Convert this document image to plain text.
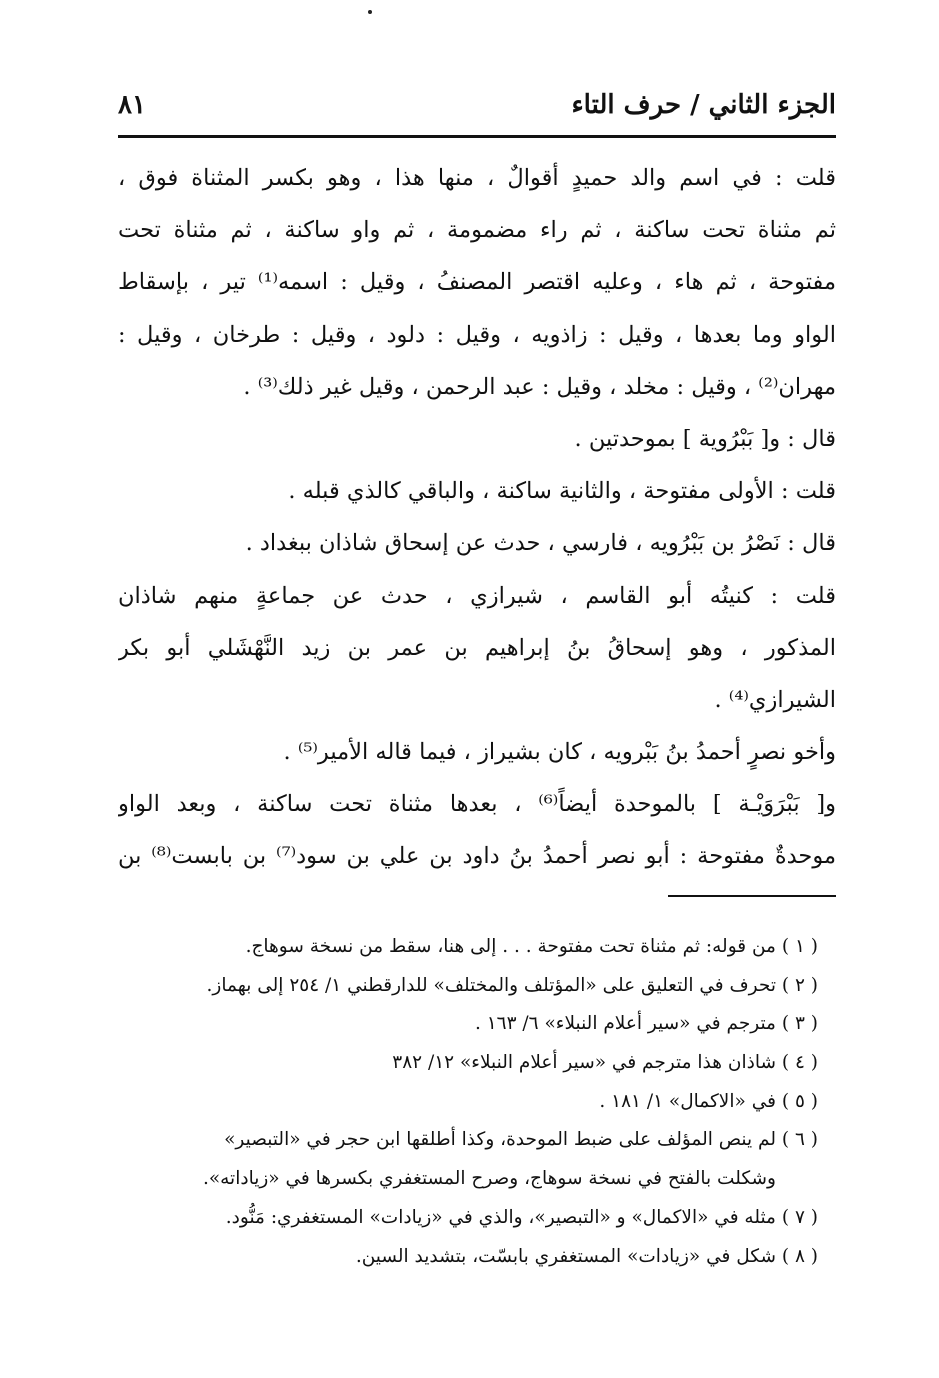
الجزء الثاني / حرف التاء
٨١

قلت : في اسم والد حميدٍ أقوالٌ ، منها هذا ، وهو بكسر المثناة فوق ،

ثم مثناة تحت ساكنة ، ثم راء مضمومة ، ثم واو ساكنة ، ثم مثناة تحت

مفتوحة ، ثم هاء ، وعليه اقتصر المصنفُ ، وقيل : اسمه⁽¹⁾ تير ، بإسقاط

الواو وما بعدها ، وقيل : زاذويه ، وقيل : دلود ، وقيل : طرخان ، وقيل :

مهران⁽²⁾ ، وقيل : مخلد ، وقيل : عبد الرحمن ، وقيل غير ذلك⁽³⁾ .

قال : و[ بَبْرُوية ] بموحدتين .

قلت : الأولى مفتوحة ، والثانية ساكنة ، والباقي كالذي قبله .

قال : نَصْرُ بن بَبْرُويه ، فارسي ، حدث عن إسحاق شاذان ببغداد .

قلت : كنيتُه أبو القاسم ، شيرازي ، حدث عن جماعةٍ منهم شاذان

المذكور ، وهو إسحاقُ بنُ إبراهيم بن عمر بن زيد النَّهْشَلي أبو بكر

الشيرازي⁽⁴⁾ .

وأخو نصرٍ أحمدُ بنُ بَبْرويه ، كان بشيراز ، فيما قاله الأمير⁽⁵⁾ .

و[ بَبْرَوَيْـة ] بالموحدة أيضاً⁽⁶⁾ ، بعدها مثناة تحت ساكنة ، وبعد الواو

موحدةٌ مفتوحة : أبو نصر أحمدُ بنُ داود بن علي بن سود⁽⁷⁾ بن بابست⁽⁸⁾ بن

( ١ ) من قوله: ثم مثناة تحت مفتوحة . . . إلى هنا، سقط من نسخة سوهاج.
( ٢ ) تحرف في التعليق على «المؤتلف والمختلف» للدارقطني ١/ ٢٥٤ إلى بهماز.
( ٣ ) مترجم في «سير أعلام النبلاء» ٦/ ١٦٣ .
( ٤ ) شاذان هذا مترجم في «سير أعلام النبلاء» ١٢/ ٣٨٢
( ٥ ) في «الاكمال» ١/ ١٨١ .
( ٦ ) لم ينص المؤلف على ضبط الموحدة، وكذا أطلقها ابن حجر في «التبصير»
وشكلت بالفتح في نسخة سوهاج، وصرح المستغفري بكسرها في «زياداته».
( ٧ ) مثله في «الاكمال» و «التبصير»، والذي في «زيادات» المستغفري: مَنُّود.
( ٨ ) شكل في «زيادات» المستغفري بابسّت، بتشديد السين.
